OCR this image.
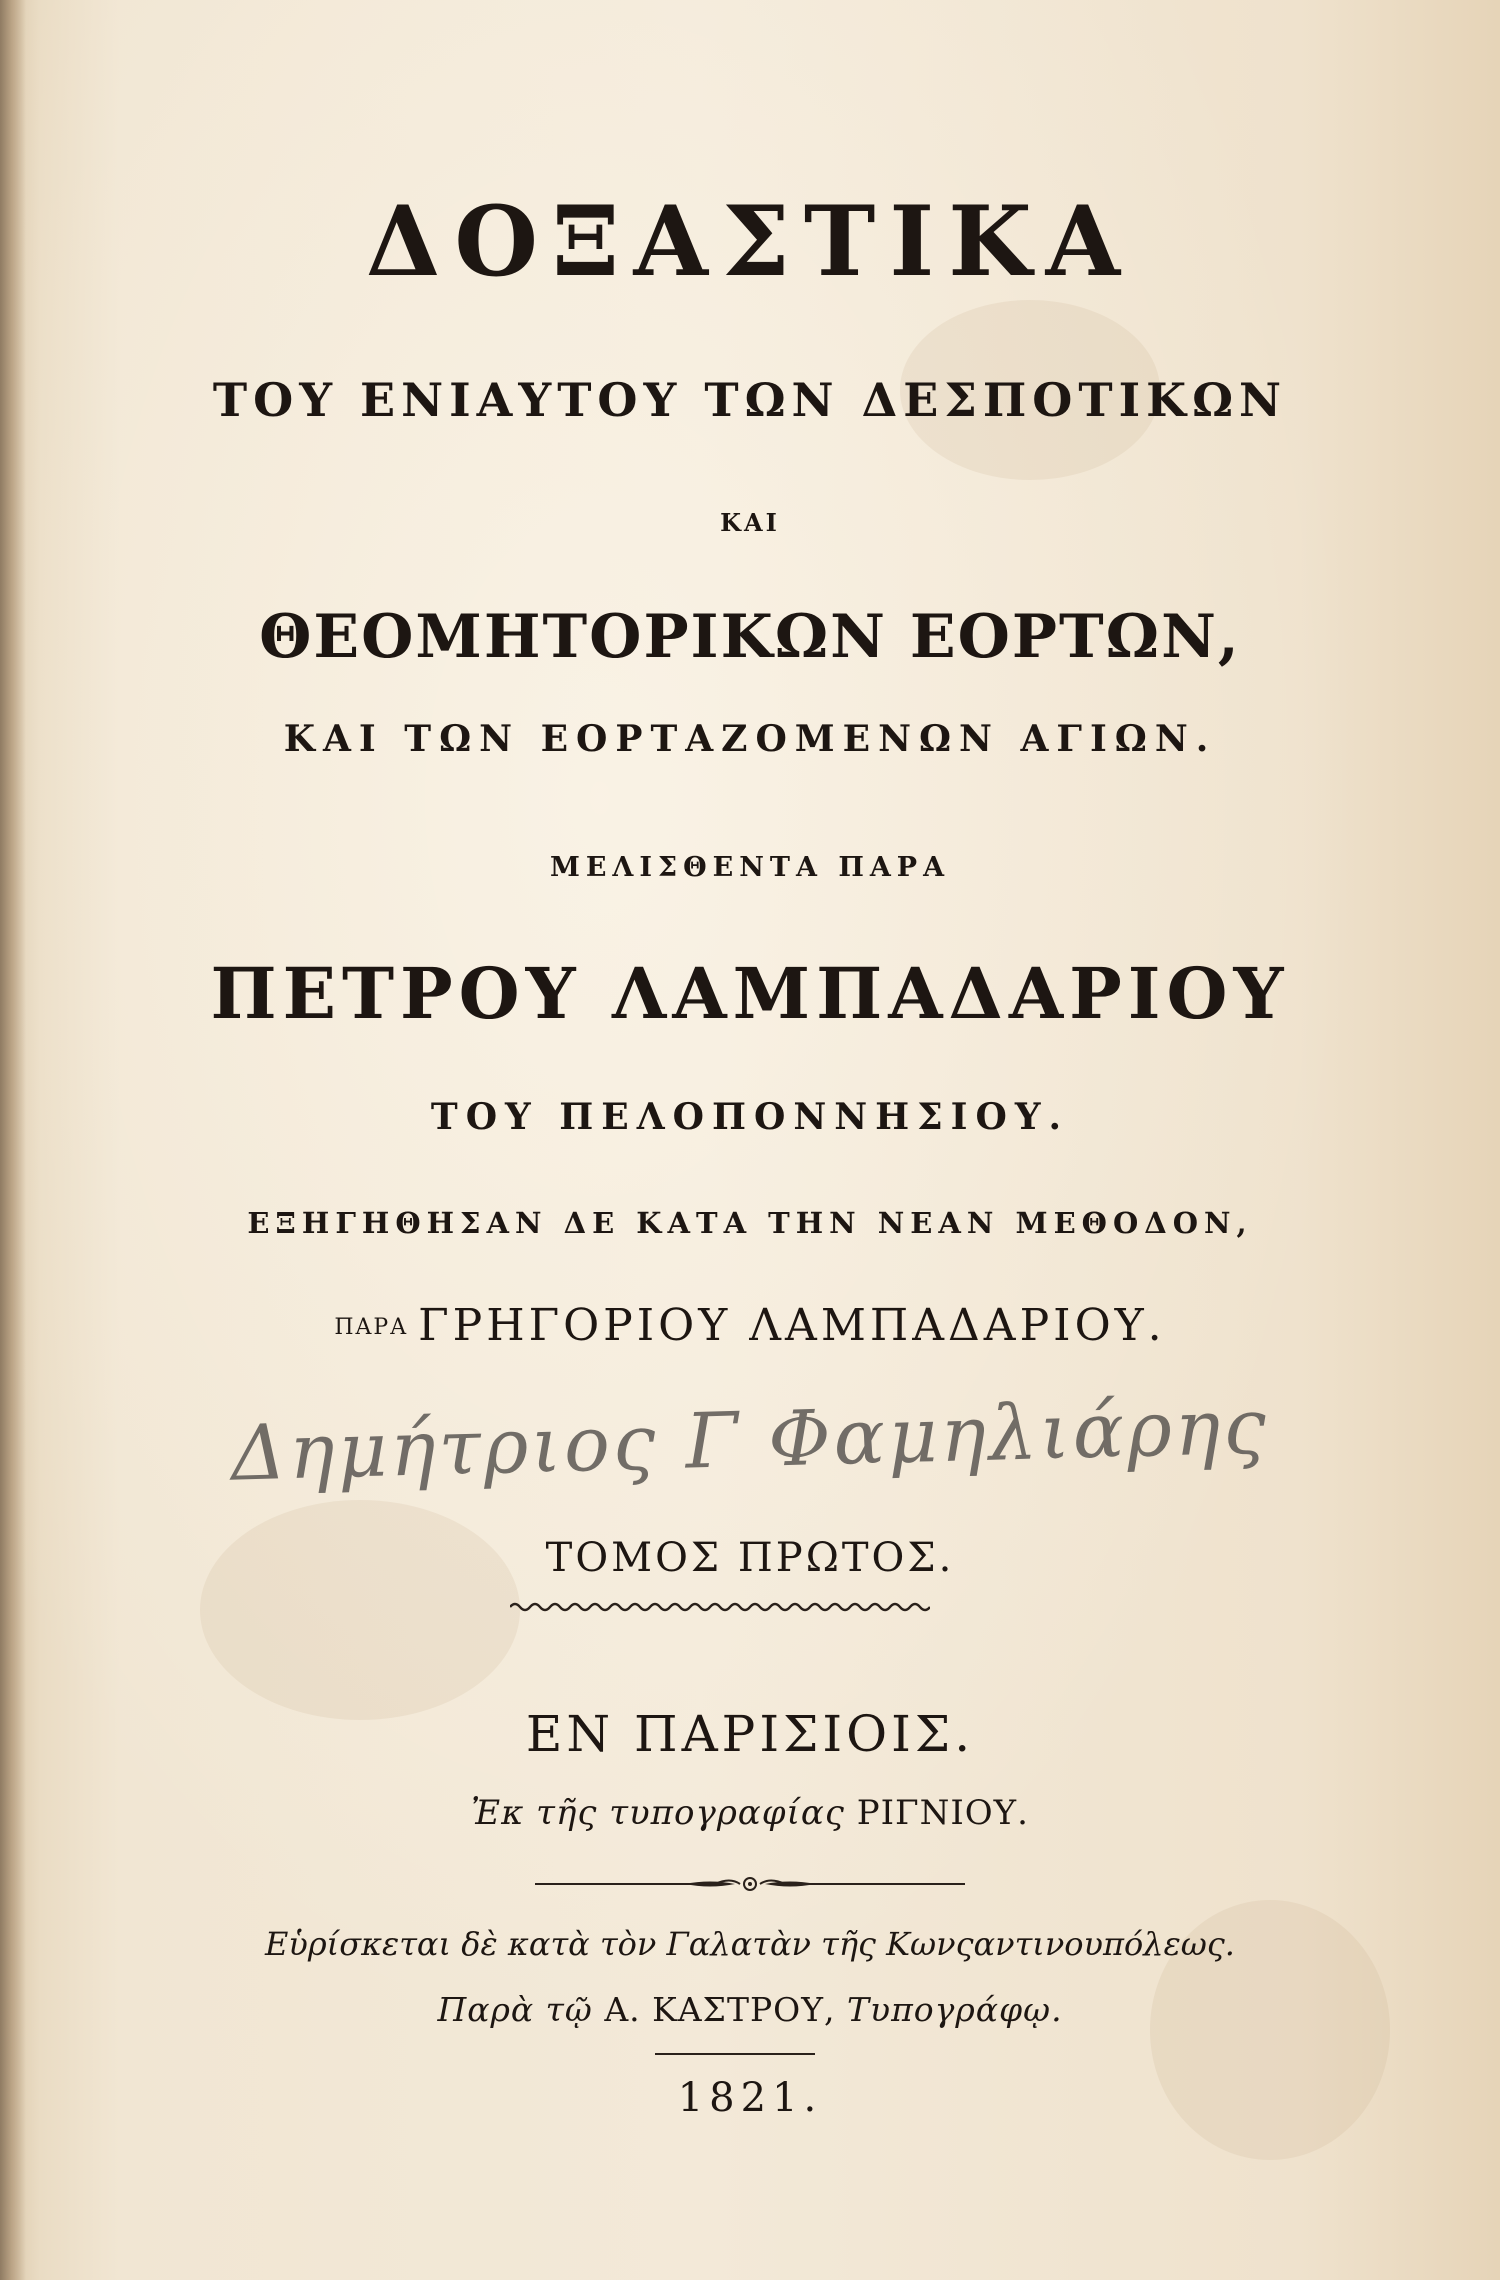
ΔΟΞΑΣΤΙΚΑ
ΤΟΥ ΕΝΙΑΥΤΟΥ ΤΩΝ ΔΕΣΠΟΤΙΚΩΝ
ΚΑΙ
ΘΕΟΜΗΤΟΡΙΚΩΝ ΕΟΡΤΩΝ,
ΚΑΙ ΤΩΝ ΕΟΡΤΑΖΟΜΕΝΩΝ ΑΓΙΩΝ.
ΜΕΛΙΣΘΕΝΤΑ ΠΑΡΑ
ΠΕΤΡΟΥ ΛΑΜΠΑΔΑΡΙΟΥ
ΤΟΥ ΠΕΛΟΠΟΝΝΗΣΙΟΥ.
ΕΞΗΓΗΘΗΣΑΝ ΔΕ ΚΑΤΑ ΤΗΝ ΝΕΑΝ ΜΕΘΟΔΟΝ,
ΠΑΡΑ ΓΡΗΓΟΡΙΟΥ ΛΑΜΠΑΔΑΡΙΟΥ.
Δημήτριος Γ Φαμηλιάρης
ΤΟΜΟΣ ΠΡΩΤΟΣ.
ΕΝ ΠΑΡΙΣΙΟΙΣ.
Ἐκ τῆς τυπογραφίας ΡΙΓΝΙΟΥ.
Εὑρίσκεται δὲ κατὰ τὸν Γαλατὰν τῆς Κωνςαντινουπόλεως.
Παρὰ τῷ Α. ΚΑΣΤΡΟΥ, Τυπογράφῳ.
1821.
